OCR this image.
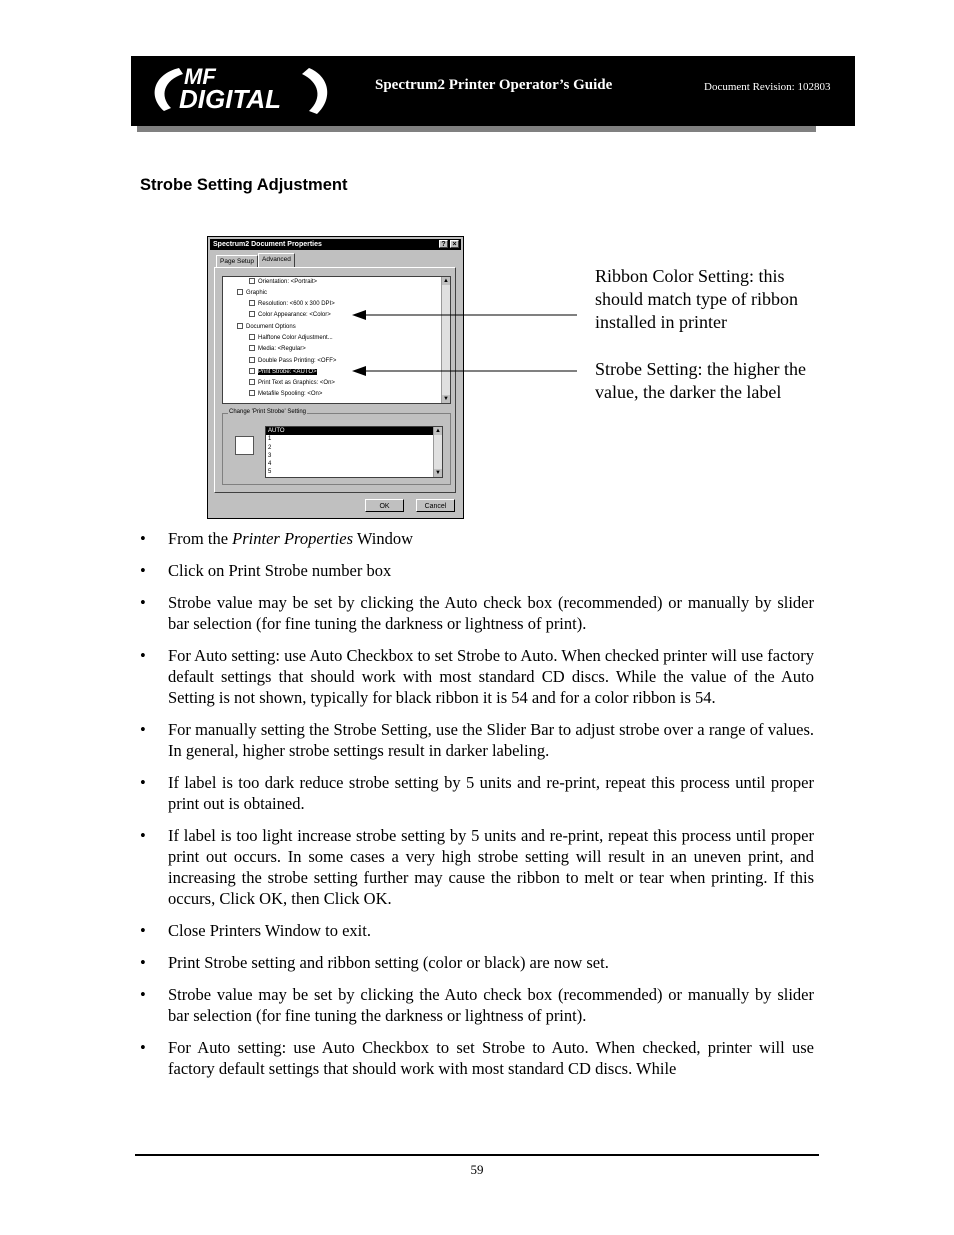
MF
DIGITAL	Spectrum2 Printer Operator’s Guide	Document Revision: 102803
Strobe Setting Adjustment
Spectrum2 Document Properties	? ×
Page Setup	Advanced
Orientation: <Portrait>
Graphic
Resolution: <600 x 300 DPI>
Color Appearance: <Color>
Document Options
Halftone Color Adjustment...
Media: <Regular>
Double Pass Printing: <OFF>
Print Strobe: <AUTO>
Print Text as Graphics: <On>
Metafile Spooling: <On>
▲
▼
Change 'Print Strobe' Setting
AUTO
1
2
3
4
5
▲
▼
OK	Cancel
Ribbon Color Setting: this should match type of ribbon installed in printer
Strobe Setting: the higher the value, the darker the label
• From the Printer Properties Window
• Click on Print Strobe number box
• Strobe value may be set by clicking the Auto check box (recommended) or manually by slider bar selection (for fine tuning the darkness or lightness of print).
• For Auto setting: use Auto Checkbox to set Strobe to Auto. When checked printer will use factory default settings that should work with most standard CD discs. While the value of the Auto Setting is not shown, typically for black ribbon it is 54 and for a color ribbon is 54.
• For manually setting the Strobe Setting, use the Slider Bar to adjust strobe over a range of values. In general, higher strobe settings result in darker labeling.
• If label is too dark reduce strobe setting by 5 units and re-print, repeat this process until proper print out is obtained.
• If label is too light increase strobe setting by 5 units and re-print, repeat this process until proper print out occurs. In some cases a very high strobe setting will result in an uneven print, and increasing the strobe setting further may cause the ribbon to melt or tear when printing. If this occurs, Click OK, then Click OK.
• Close Printers Window to exit.
• Print Strobe setting and ribbon setting (color or black) are now set.
• Strobe value may be set by clicking the Auto check box (recommended) or manually by slider bar selection (for fine tuning the darkness or lightness of print).
• For Auto setting: use Auto Checkbox to set Strobe to Auto. When checked, printer will use factory default settings that should work with most standard CD discs. While
59
